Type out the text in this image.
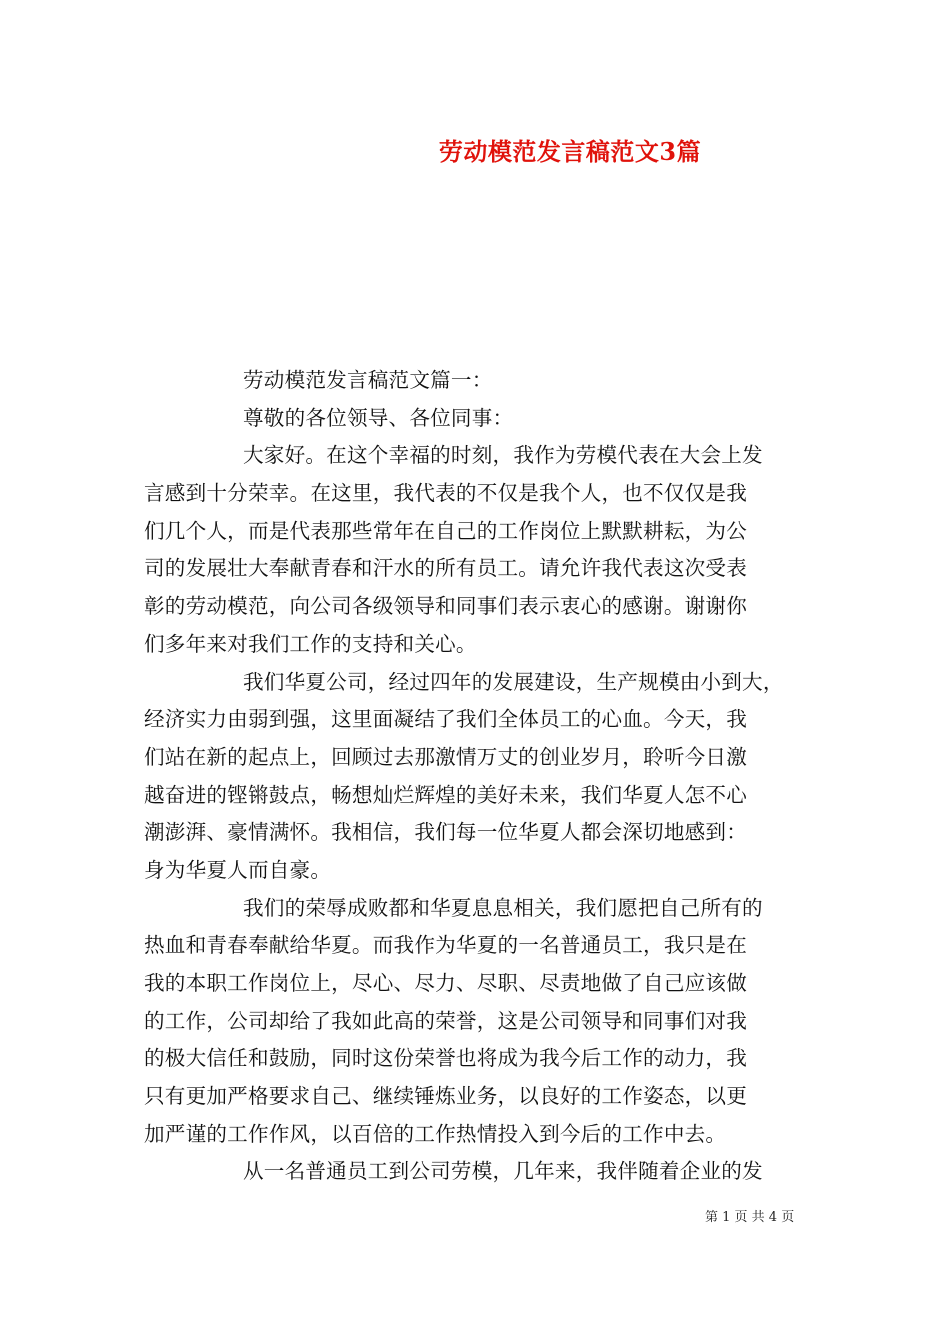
劳动模范发言稿范文3篇
劳动模范发言稿范文篇一：
尊敬的各位领导、各位同事：
大家好。在这个幸福的时刻，我作为劳模代表在大会上发
言感到十分荣幸。在这里，我代表的不仅是我个人，也不仅仅是我
们几个人，而是代表那些常年在自己的工作岗位上默默耕耘，为公
司的发展壮大奉献青春和汗水的所有员工。请允许我代表这次受表
彰的劳动模范，向公司各级领导和同事们表示衷心的感谢。谢谢你
们多年来对我们工作的支持和关心。
我们华夏公司，经过四年的发展建设，生产规模由小到大，
经济实力由弱到强，这里面凝结了我们全体员工的心血。今天，我
们站在新的起点上，回顾过去那激情万丈的创业岁月，聆听今日激
越奋进的铿锵鼓点，畅想灿烂辉煌的美好未来，我们华夏人怎不心
潮澎湃、豪情满怀。我相信，我们每一位华夏人都会深切地感到：
身为华夏人而自豪。
我们的荣辱成败都和华夏息息相关，我们愿把自己所有的
热血和青春奉献给华夏。而我作为华夏的一名普通员工，我只是在
我的本职工作岗位上，尽心、尽力、尽职、尽责地做了自己应该做
的工作，公司却给了我如此高的荣誉，这是公司领导和同事们对我
的极大信任和鼓励，同时这份荣誉也将成为我今后工作的动力，我
只有更加严格要求自己、继续锤炼业务，以良好的工作姿态，以更
加严谨的工作作风，以百倍的工作热情投入到今后的工作中去。
从一名普通员工到公司劳模，几年来，我伴随着企业的发
第 1 页 共 4 页
